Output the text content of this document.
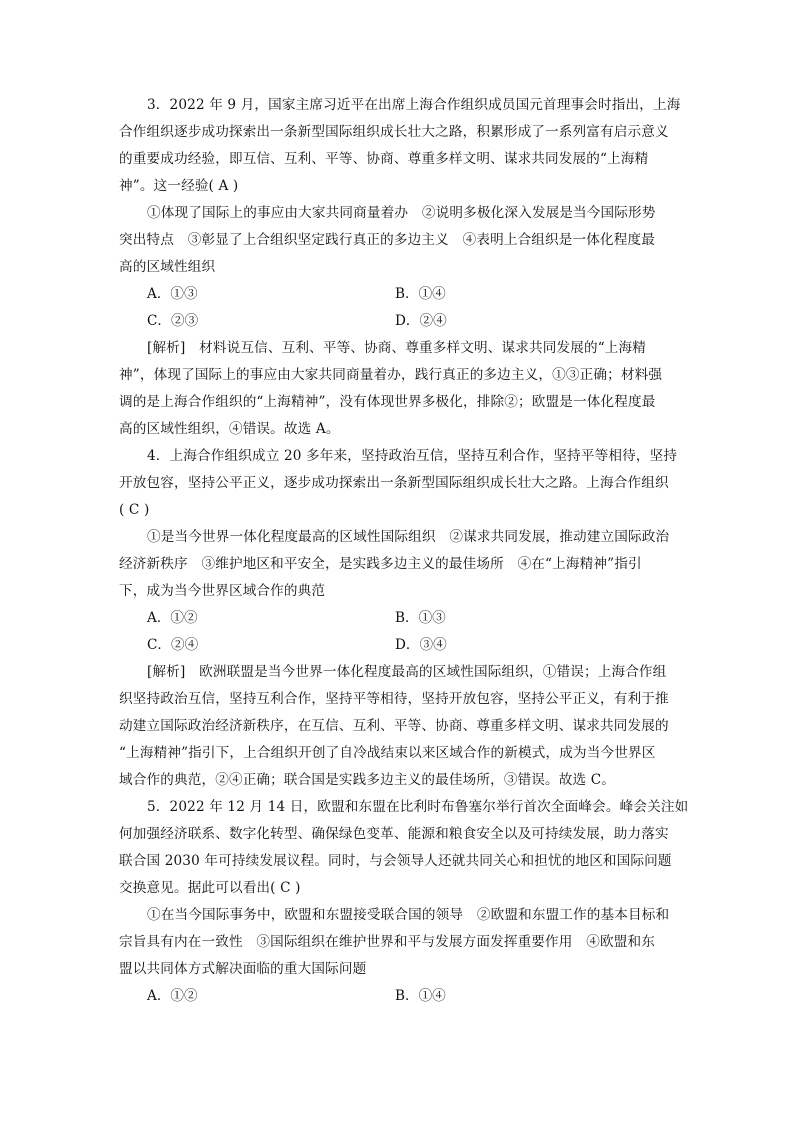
3．2022 年 9 月，国家主席习近平在出席上海合作组织成员国元首理事会时指出，上海
合作组织逐步成功探索出一条新型国际组织成长壮大之路，积累形成了一系列富有启示意义
的重要成功经验，即互信、互利、平等、协商、尊重多样文明、谋求共同发展的“上海精
神”。这一经验( A )
①体现了国际上的事应由大家共同商量着办　②说明多极化深入发展是当今国际形势
突出特点　③彰显了上合组织坚定践行真正的多边主义　④表明上合组织是一体化程度最
高的区域性组织
A．①③	B．①④
C．②③	D．②④
[解析]　材料说互信、互利、平等、协商、尊重多样文明、谋求共同发展的“上海精
神”，体现了国际上的事应由大家共同商量着办，践行真正的多边主义，①③正确；材料强
调的是上海合作组织的“上海精神”，没有体现世界多极化，排除②；欧盟是一体化程度最
高的区域性组织，④错误。故选 A。
4．上海合作组织成立 20 多年来，坚持政治互信，坚持互利合作，坚持平等相待，坚持
开放包容，坚持公平正义，逐步成功探索出一条新型国际组织成长壮大之路。上海合作组织
( C )
①是当今世界一体化程度最高的区域性国际组织　②谋求共同发展，推动建立国际政治
经济新秩序　③维护地区和平安全，是实践多边主义的最佳场所　④在“上海精神”指引
下，成为当今世界区域合作的典范
A．①②	B．①③
C．②④	D．③④
[解析]　欧洲联盟是当今世界一体化程度最高的区域性国际组织，①错误；上海合作组
织坚持政治互信，坚持互利合作，坚持平等相待，坚持开放包容，坚持公平正义，有利于推
动建立国际政治经济新秩序，在互信、互利、平等、协商、尊重多样文明、谋求共同发展的
“上海精神”指引下，上合组织开创了自冷战结束以来区域合作的新模式，成为当今世界区
域合作的典范，②④正确；联合国是实践多边主义的最佳场所，③错误。故选 C。
5．2022 年 12 月 14 日，欧盟和东盟在比利时布鲁塞尔举行首次全面峰会。峰会关注如
何加强经济联系、数字化转型、确保绿色变革、能源和粮食安全以及可持续发展，助力落实
联合国 2030 年可持续发展议程。同时，与会领导人还就共同关心和担忧的地区和国际问题
交换意见。据此可以看出( C )
①在当今国际事务中，欧盟和东盟接受联合国的领导　②欧盟和东盟工作的基本目标和
宗旨具有内在一致性　③国际组织在维护世界和平与发展方面发挥重要作用　④欧盟和东
盟以共同体方式解决面临的重大国际问题
A．①②	B．①④
